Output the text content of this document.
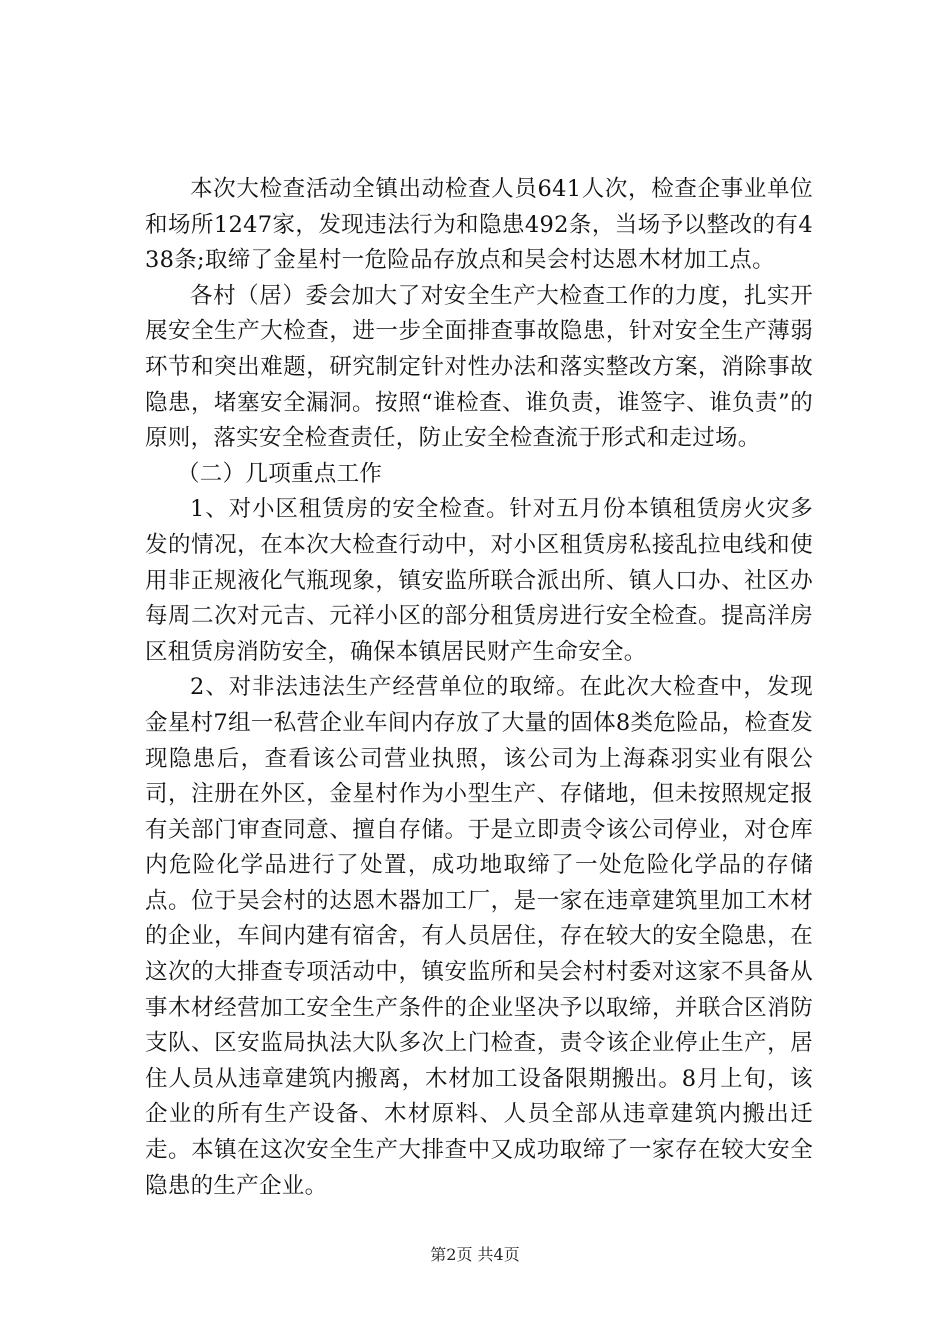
本次大检查活动全镇出动检查人员641人次，检查企事业单位和场所1247家，发现违法行为和隐患492条，当场予以整改的有438条;取缔了金星村一危险品存放点和吴会村达恩木材加工点。

各村（居）委会加大了对安全生产大检查工作的力度，扎实开展安全生产大检查，进一步全面排查事故隐患，针对安全生产薄弱环节和突出难题，研究制定针对性办法和落实整改方案，消除事故隐患，堵塞安全漏洞。按照“谁检查、谁负责，谁签字、谁负责”的原则，落实安全检查责任，防止安全检查流于形式和走过场。

（二）几项重点工作

1、对小区租赁房的安全检查。针对五月份本镇租赁房火灾多发的情况，在本次大检查行动中，对小区租赁房私接乱拉电线和使用非正规液化气瓶现象，镇安监所联合派出所、镇人口办、社区办每周二次对元吉、元祥小区的部分租赁房进行安全检查。提高洋房区租赁房消防安全，确保本镇居民财产生命安全。

2、对非法违法生产经营单位的取缔。在此次大检查中，发现金星村7组一私营企业车间内存放了大量的固体8类危险品，检查发现隐患后，查看该公司营业执照，该公司为上海森羽实业有限公司，注册在外区，金星村作为小型生产、存储地，但未按照规定报有关部门审查同意、擅自存储。于是立即责令该公司停业，对仓库内危险化学品进行了处置，成功地取缔了一处危险化学品的存储点。位于吴会村的达恩木器加工厂，是一家在违章建筑里加工木材的企业，车间内建有宿舍，有人员居住，存在较大的安全隐患，在这次的大排查专项活动中，镇安监所和吴会村村委对这家不具备从事木材经营加工安全生产条件的企业坚决予以取缔，并联合区消防支队、区安监局执法大队多次上门检查，责令该企业停止生产，居住人员从违章建筑内搬离，木材加工设备限期搬出。8月上旬，该企业的所有生产设备、木材原料、人员全部从违章建筑内搬出迁走。本镇在这次安全生产大排查中又成功取缔了一家存在较大安全隐患的生产企业。

第2页 共4页
